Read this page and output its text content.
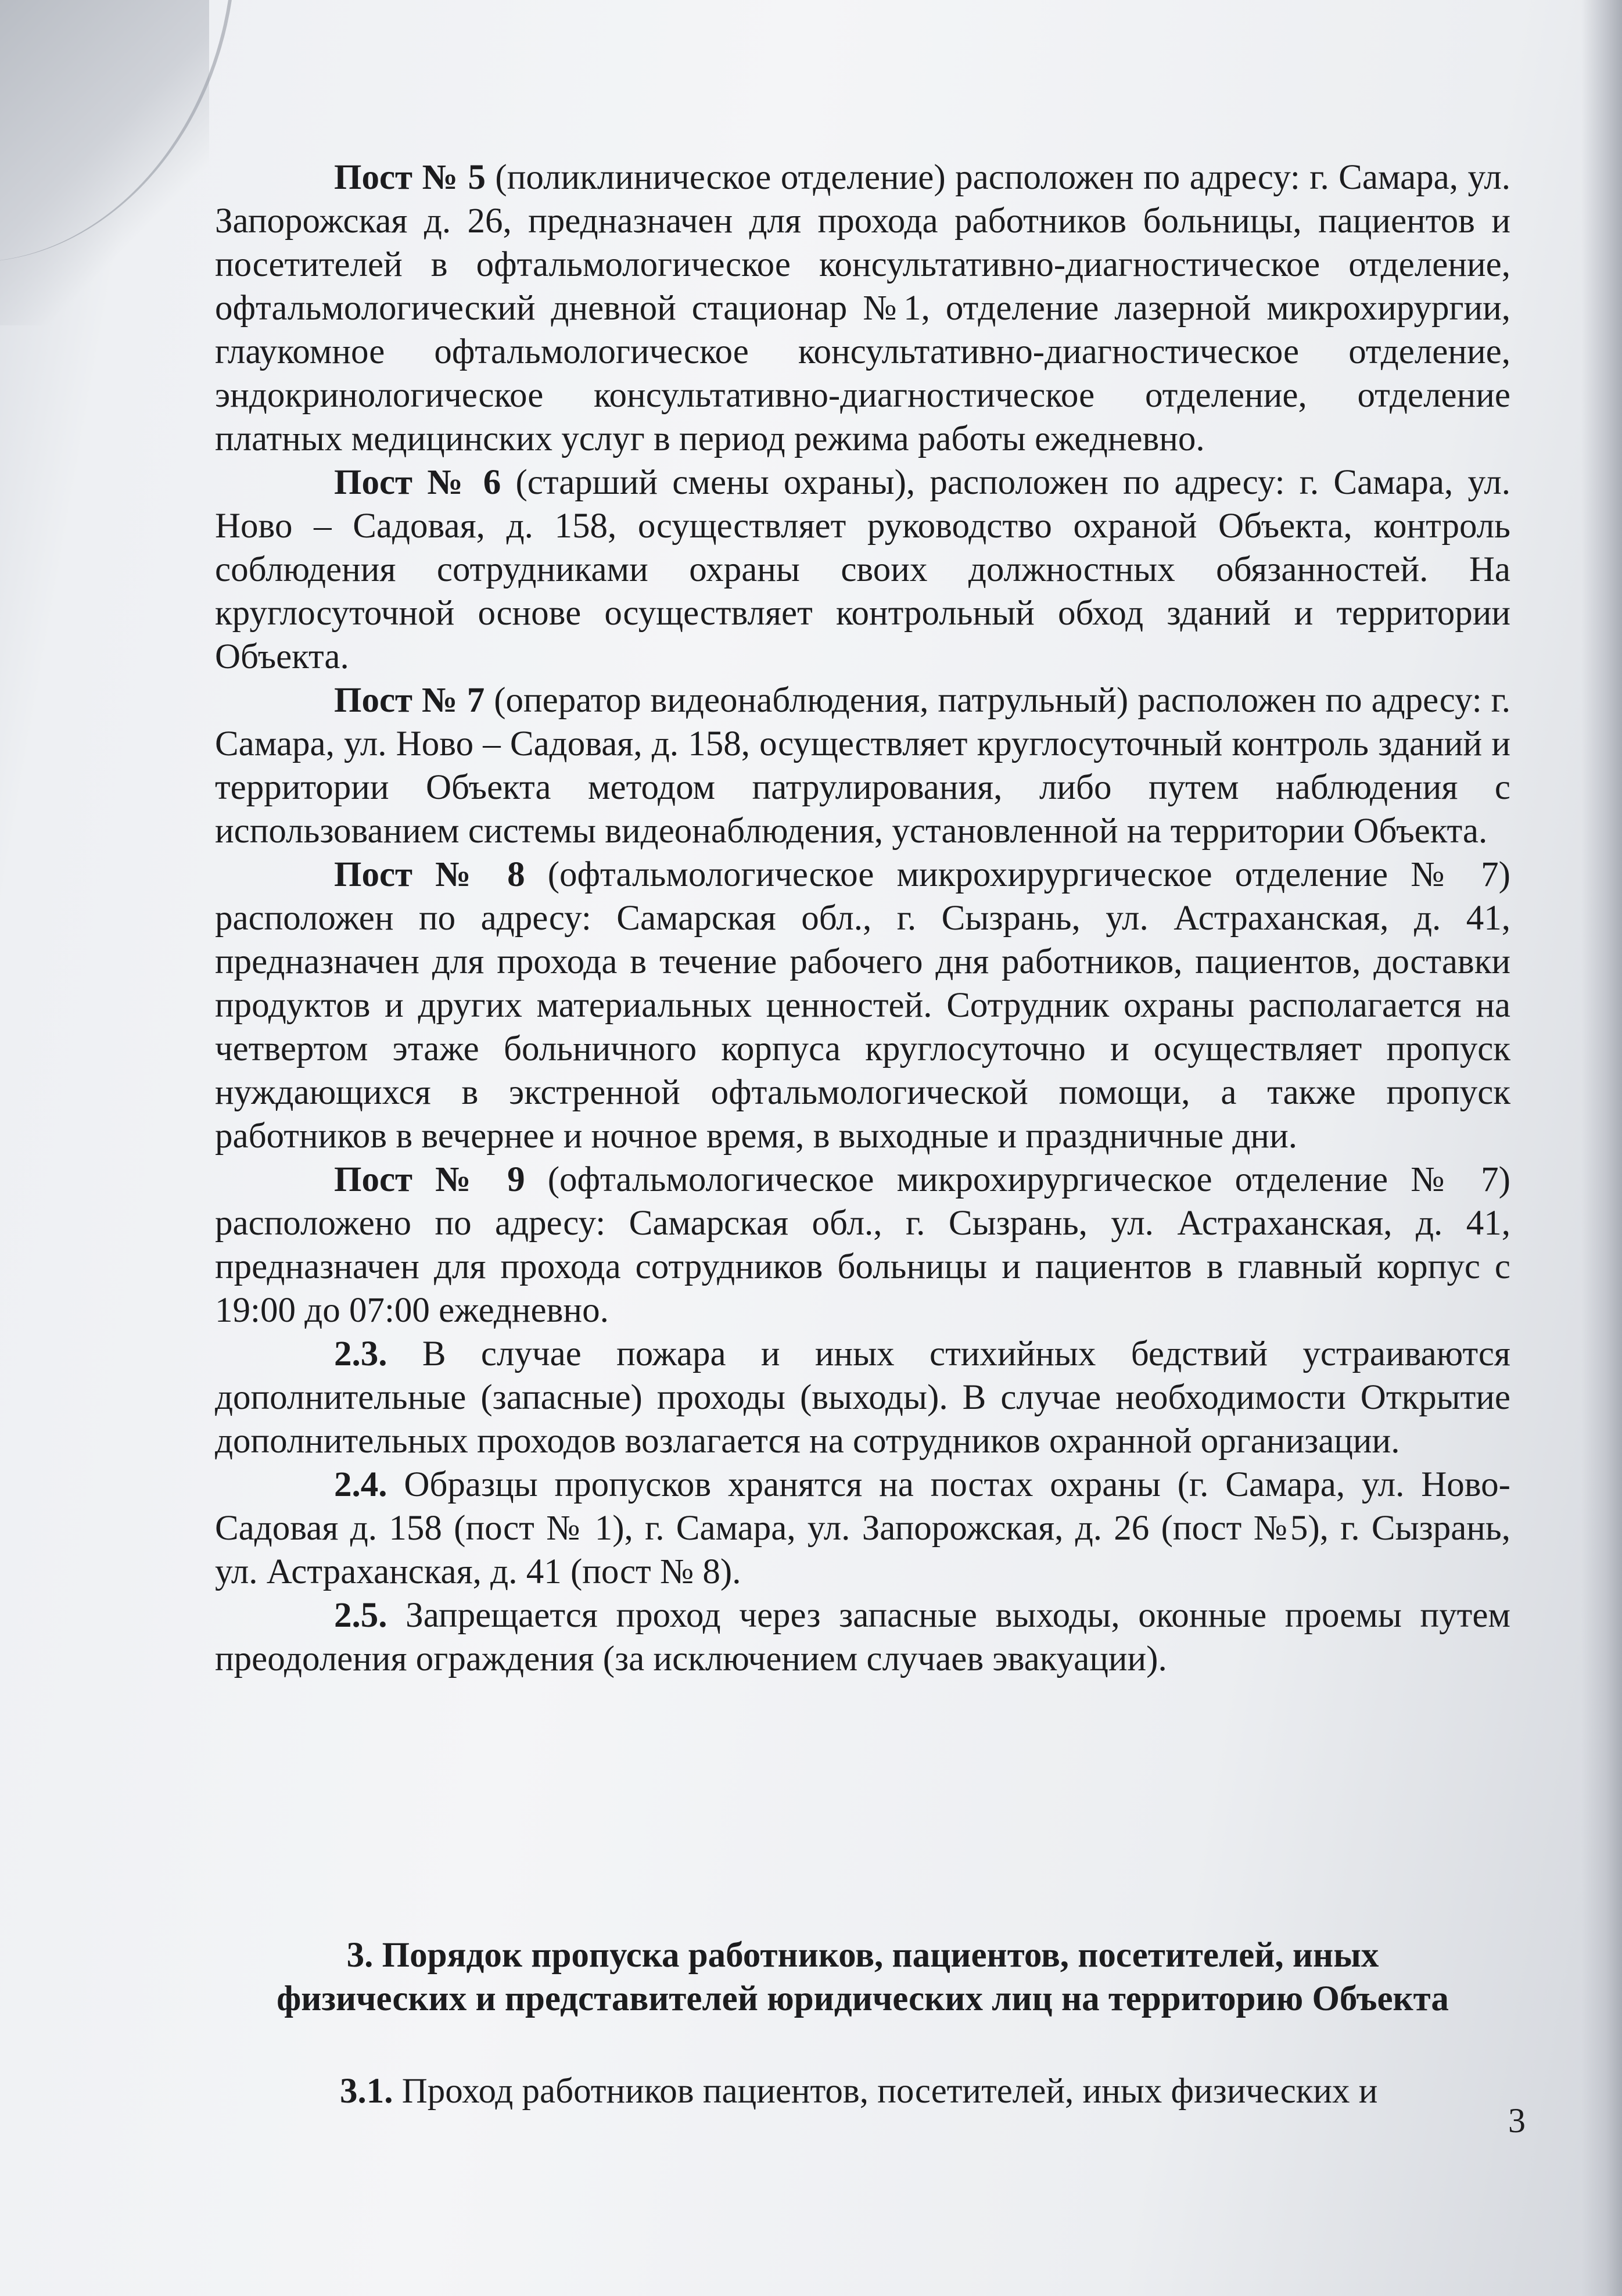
Пост № 5 (поликлиническое отделение) расположен по адресу: г. Самара, ул. Запорожская д. 26, предназначен для прохода работников больницы, пациентов и посетителей в офтальмологическое консультативно-диагностическое отделение, офтальмологический дневной стационар №1, отделение лазерной микрохирургии, глаукомное офтальмологическое консультативно-диагностическое отделение, эндокринологическое консультативно-диагностическое отделение, отделение платных медицинских услуг в период режима работы ежедневно.

Пост № 6 (старший смены охраны), расположен по адресу: г. Самара, ул. Ново – Садовая, д. 158, осуществляет руководство охраной Объекта, контроль соблюдения сотрудниками охраны своих должностных обязанностей. На круглосуточной основе осуществляет контрольный обход зданий и территории Объекта.

Пост № 7 (оператор видеонаблюдения, патрульный) расположен по адресу: г. Самара, ул. Ново – Садовая, д. 158, осуществляет круглосуточный контроль зданий и территории Объекта методом патрулирования, либо путем наблюдения с использованием системы видеонаблюдения, установленной на территории Объекта.

Пост № 8 (офтальмологическое микрохирургическое отделение № 7) расположен по адресу: Самарская обл., г. Сызрань, ул. Астраханская, д. 41, предназначен для прохода в течение рабочего дня работников, пациентов, доставки продуктов и других материальных ценностей. Сотрудник охраны располагается на четвертом этаже больничного корпуса круглосуточно и осуществляет пропуск нуждающихся в экстренной офтальмологической помощи, а также пропуск работников в вечернее и ночное время, в выходные и праздничные дни.

Пост № 9 (офтальмологическое микрохирургическое отделение № 7) расположено по адресу: Самарская обл., г. Сызрань, ул. Астраханская, д. 41, предназначен для прохода сотрудников больницы и пациентов в главный корпус с 19:00 до 07:00 ежедневно.

2.3. В случае пожара и иных стихийных бедствий устраиваются дополнительные (запасные) проходы (выходы). В случае необходимости Открытие дополнительных проходов возлагается на сотрудников охранной организации.

2.4. Образцы пропусков хранятся на постах охраны (г. Самара, ул. Ново-Садовая д. 158 (пост № 1), г. Самара, ул. Запорожская, д. 26 (пост №5), г. Сызрань, ул. Астраханская, д. 41 (пост № 8).

2.5. Запрещается проход через запасные выходы, оконные проемы путем преодоления ограждения (за исключением случаев эвакуации).

3. Порядок пропуска работников, пациентов, посетителей, иных
физических и представителей юридических лиц на территорию Объекта

3.1. Проход работников пациентов, посетителей, иных физических и

3
